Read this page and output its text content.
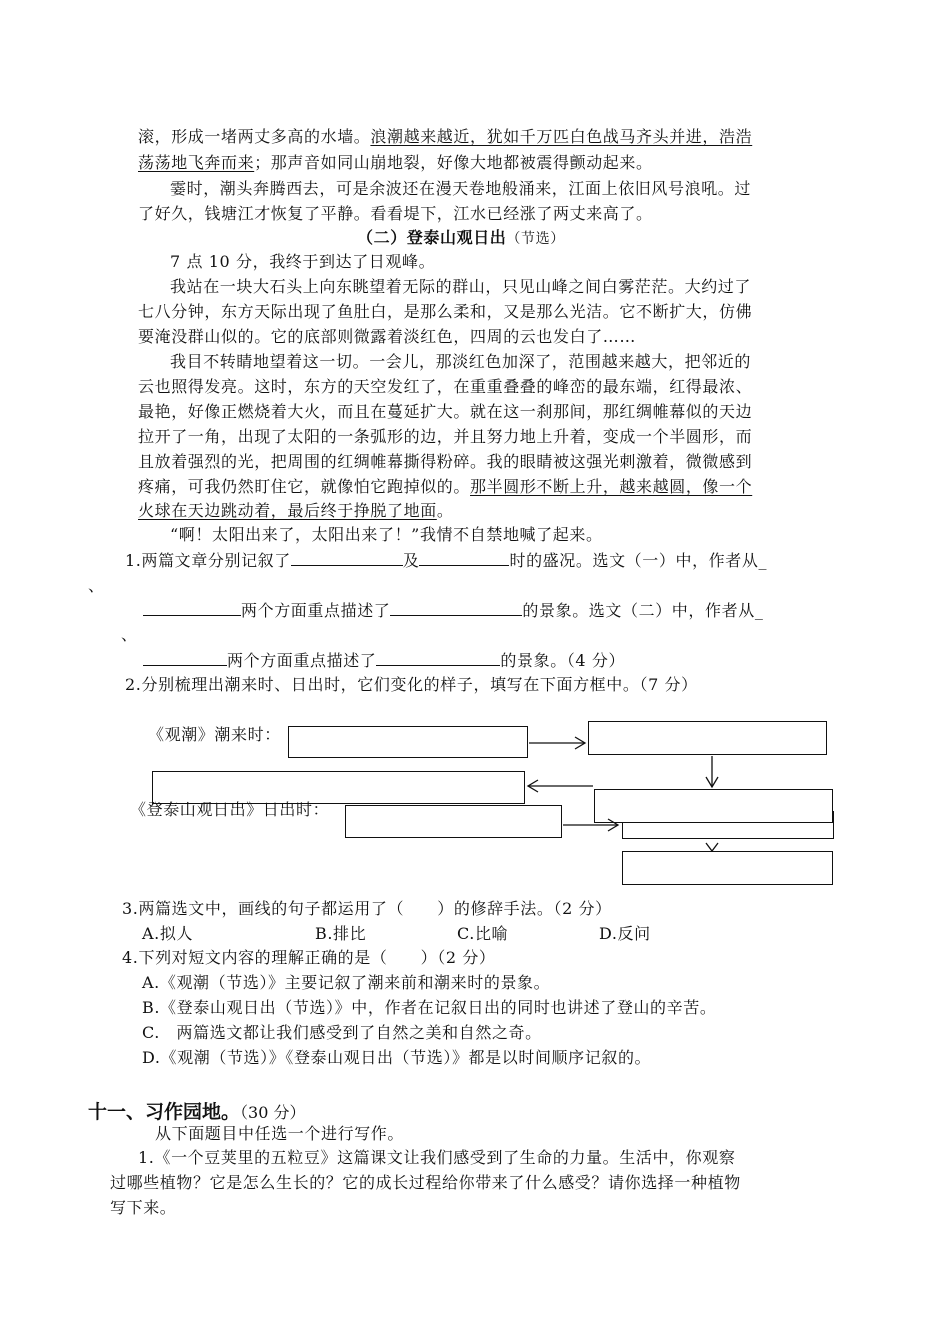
滚，形成一堵两丈多高的水墙。浪潮越来越近，犹如千万匹白色战马齐头并进，浩浩
荡荡地飞奔而来；那声音如同山崩地裂，好像大地都被震得颤动起来。
霎时，潮头奔腾西去，可是余波还在漫天卷地般涌来，江面上依旧风号浪吼。过
了好久，钱塘江才恢复了平静。看看堤下，江水已经涨了两丈来高了。
（二）登泰山观日出（节选）
7 点 10 分，我终于到达了日观峰。
我站在一块大石头上向东眺望着无际的群山，只见山峰之间白雾茫茫。大约过了
七八分钟，东方天际出现了鱼肚白，是那么柔和，又是那么光洁。它不断扩大，仿佛
要淹没群山似的。它的底部则微露着淡红色，四周的云也发白了……
我目不转睛地望着这一切。一会儿，那淡红色加深了，范围越来越大，把邻近的
云也照得发亮。这时，东方的天空发红了，在重重叠叠的峰峦的最东端，红得最浓、
最艳，好像正燃烧着大火，而且在蔓延扩大。就在这一刹那间，那红绸帷幕似的天边
拉开了一角，出现了太阳的一条弧形的边，并且努力地上升着，变成一个半圆形，而
且放着强烈的光，把周围的红绸帷幕撕得粉碎。我的眼睛被这强光刺激着，微微感到
疼痛，可我仍然盯住它，就像怕它跑掉似的。那半圆形不断上升，越来越圆，像一个
火球在天边跳动着，最后终于挣脱了地面。
“啊！太阳出来了，太阳出来了！”我情不自禁地喊了起来。
1.两篇文章分别记叙了	及	时的盛况。选文（一）中，作者从_
、
两个方面重点描述了	的景象。选文（二）中，作者从_
、
两个方面重点描述了	的景象。（4 分）
2.分别梳理出潮来时、日出时，它们变化的样子，填写在下面方框中。（7 分）
《观潮》潮来时：
《登泰山观日出》日出时：
3.两篇选文中，画线的句子都运用了（　　）的修辞手法。（2 分）
A.拟人	B.排比	C.比喻	D.反问
4.下列对短文内容的理解正确的是（　　）（2 分）
A.《观潮（节选）》主要记叙了潮来前和潮来时的景象。
B.《登泰山观日出（节选）》中，作者在记叙日出的同时也讲述了登山的辛苦。
C.　两篇选文都让我们感受到了自然之美和自然之奇。
D.《观潮（节选）》《登泰山观日出（节选）》都是以时间顺序记叙的。
十一、习作园地。（30 分）
从下面题目中任选一个进行写作。
1.《一个豆荚里的五粒豆》这篇课文让我们感受到了生命的力量。生活中，你观察
过哪些植物？它是怎么生长的？它的成长过程给你带来了什么感受？请你选择一种植物
写下来。
